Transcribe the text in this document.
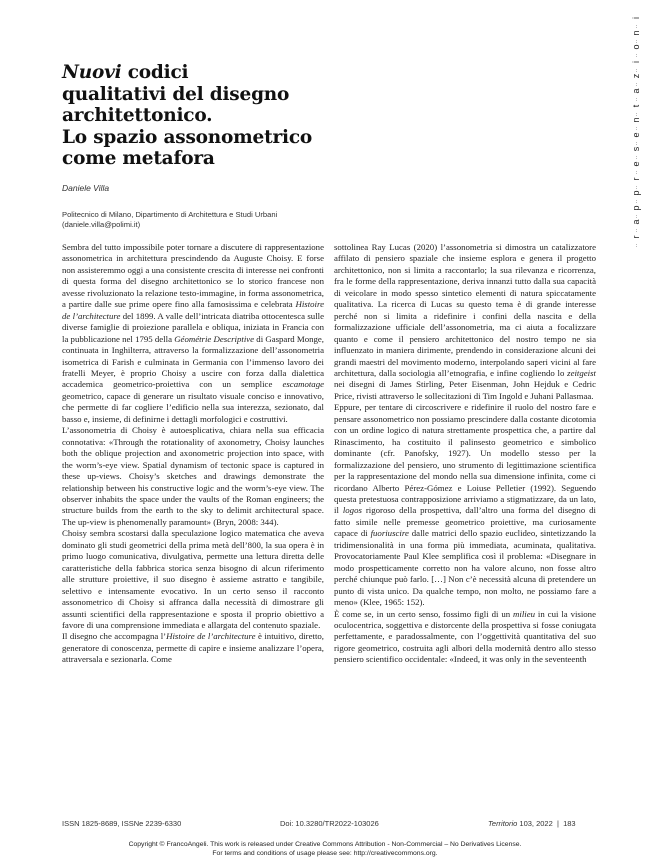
r
a
p
p
r
e
s
e
n
t
a
z
i
o
n
i
Nuovi codici
qualitativi del disegno
architettonico.
Lo spazio assonometrico
come metafora
Daniele Villa
Politecnico di Milano, Dipartimento di Architettura e Studi Urbani
(daniele.villa@polimi.it)

Sembra del tutto impossibile poter tornare a discutere di rappresentazione assonometrica in architettura prescindendo da Auguste Choisy. E forse non assisteremmo oggi a una consistente crescita di interesse nei confronti di questa forma del disegno architettonico se lo storico francese non avesse rivoluzionato la relazione testo-immagine, in forma assonometrica, a partire dalle sue prime opere fino alla famosissima e celebrata Histoire de l’architecture del 1899. A valle dell’intricata diatriba ottocentesca sulle diverse famiglie di proiezione parallela e obliqua, iniziata in Francia con la pubblicazione nel 1795 della Géométrie Descriptive di Gaspard Monge, continuata in Inghilterra, attraverso la formalizzazione dell’assonometria isometrica di Farish e culminata in Germania con l’immenso lavoro dei fratelli Meyer, è proprio Choisy a uscire con forza dalla dialettica accademica geometrico-proiettiva con un semplice escamotage geometrico, capace di generare un risultato visuale conciso e innovativo, che permette di far cogliere l’edificio nella sua interezza, sezionato, dal basso e, insieme, di definirne i dettagli morfologici e costruttivi.

L’assonometria di Choisy è autoesplicativa, chiara nella sua efficacia connotativa: «Through the rotationality of axonometry, Choisy launches both the oblique projection and axonometric projection into space, with the worm’s-eye view. Spatial dynamism of tectonic space is captured in these up-views. Choisy’s sketches and drawings demonstrate the relationship between his constructive logic and the worm’s-eye view. The observer inhabits the space under the vaults of the Roman engineers; the structure builds from the earth to the sky to delimit architectural space. The up-view is phenomenally paramount» (Bryn, 2008: 344).

Choisy sembra scostarsi dalla speculazione logico matematica che aveva dominato gli studi geometrici della prima metà dell’800, la sua opera è in primo luogo comunicativa, divulgativa, permette una lettura diretta delle caratteristiche della fabbrica storica senza bisogno di alcun riferimento alle strutture proiettive, il suo disegno è assieme astratto e tangibile, selettivo e intensamente evocativo. In un certo senso il racconto assonometrico di Choisy si affranca dalla necessità di dimostrare gli assunti scientifici della rappresentazione e sposta il proprio obiettivo a favore di una comprensione immediata e allargata del contenuto spaziale.

Il disegno che accompagna l’Histoire de l’architecture è intuitivo, diretto, generatore di conoscenza, permette di capire e insieme analizzare l’opera, attraversala e sezionarla. Come

sottolinea Ray Lucas (2020) l’assonometria si dimostra un catalizzatore affilato di pensiero spaziale che insieme esplora e genera il progetto architettonico, non si limita a raccontarlo; la sua rilevanza e ricorrenza, fra le forme della rappresentazione, deriva innanzi tutto dalla sua capacità di veicolare in modo spesso sintetico elementi di natura spiccatamente qualitativa. La ricerca di Lucas su questo tema è di grande interesse perché non si limita a ridefinire i confini della nascita e della formalizzazione ufficiale dell’assonometria, ma ci aiuta a focalizzare quanto e come il pensiero architettonico del nostro tempo ne sia influenzato in maniera dirimente, prendendo in considerazione alcuni dei grandi maestri del movimento moderno, interpolando saperi vicini al fare architettura, dalla sociologia all’etnografia, e infine cogliendo lo zeitgeist nei disegni di James Stirling, Peter Eisenman, John Hejduk e Cedric Price, rivisti attraverso le sollecitazioni di Tim Ingold e Juhani Pallasmaa.

Eppure, per tentare di circoscrivere e ridefinire il ruolo del nostro fare e pensare assonometrico non possiamo prescindere dalla costante dicotomia con un ordine logico di natura strettamente prospettica che, a partire dal Rinascimento, ha costituito il palinsesto geometrico e simbolico dominante (cfr. Panofsky, 1927). Un modello stesso per la formalizzazione del pensiero, uno strumento di legittimazione scientifica per la rappresentazione del mondo nella sua dimensione infinita, come ci ricordano Alberto Pérez-Gómez e Loiuse Pelletier (1992). Seguendo questa pretestuosa contrapposizione arriviamo a stigmatizzare, da un lato, il logos rigoroso della prospettiva, dall’altro una forma del disegno di fatto simile nelle premesse geometrico proiettive, ma curiosamente capace di fuoriuscire dalle matrici dello spazio euclideo, sintetizzando la tridimensionalità in una forma più immediata, acuminata, qualitativa. Provocatoriamente Paul Klee semplifica così il problema: «Disegnare in modo prospetticamente corretto non ha valore alcuno, non fosse altro perché chiunque può farlo. […] Non c’è necessità alcuna di pretendere un punto di vista unico. Da qualche tempo, non molto, ne possiamo fare a meno» (Klee, 1965: 152).

È come se, in un certo senso, fossimo figli di un milieu in cui la visione oculocentrica, soggettiva e distorcente della prospettiva si fosse coniugata perfettamente, e paradossalmente, con l’oggettività quantitativa del suo rigore geometrico, costruita agli albori della modernità dentro allo stesso pensiero scientifico occidentale: «Indeed, it was only in the seventeenth

ISSN 1825-8689, ISSNe 2239-6330	Doi: 10.3280/TR2022-103026	Territorio 103, 2022  |  183
Copyright © FrancoAngeli. This work is released under Creative Commons Attribution - Non-Commercial – No Derivatives License.
For terms and conditions of usage please see: http://creativecommons.org.
